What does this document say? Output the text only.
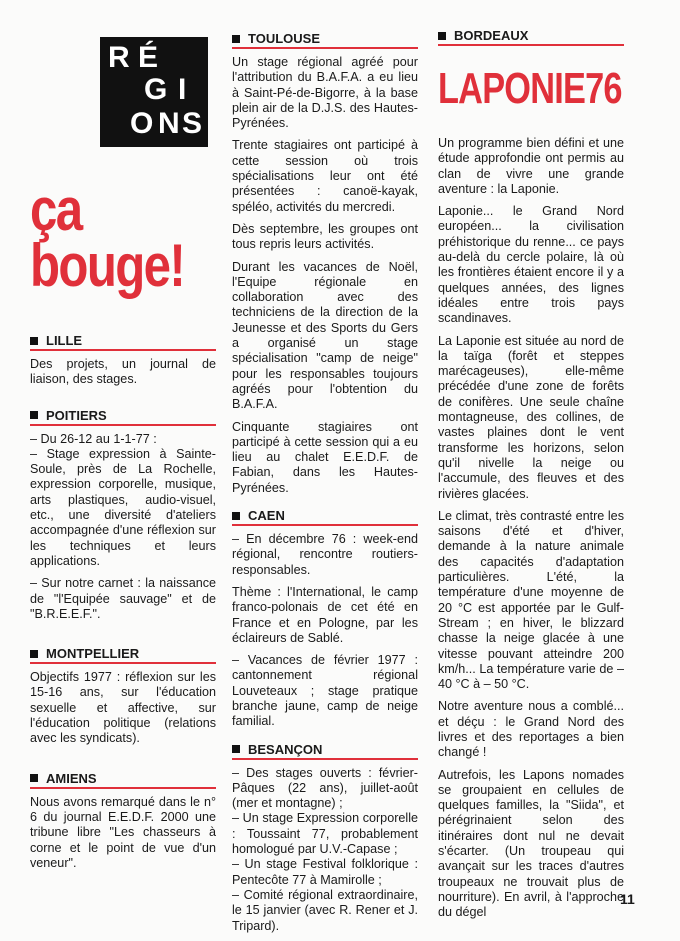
R É
G I
O N S
ça
bouge!
LILLE

Des projets, un journal de liaison, des stages.

POITIERS

– Du 26-12 au 1-1-77 :

– Stage expression à Sainte-Soule, près de La Rochelle, expression corporelle, musique, arts plastiques, audio-visuel, etc., une diversité d'ateliers accompagnée d'une réflexion sur les techniques et leurs applications.

– Sur notre carnet : la naissance de "l'Equipée sauvage" et de "B.R.E.E.F.".

MONTPELLIER

Objectifs 1977 : réflexion sur les 15-16 ans, sur l'éducation sexuelle et affective, sur l'éducation politique (relations avec les syndicats).

AMIENS

Nous avons remarqué dans le n° 6 du journal E.E.D.F. 2000 une tribune libre "Les chasseurs à corne et le point de vue d'un veneur".

TOULOUSE

Un stage régional agréé pour l'attribution du B.A.F.A. a eu lieu à Saint-Pé-de-Bigorre, à la base plein air de la D.J.S. des Hautes-Pyrénées.

Trente stagiaires ont participé à cette session où trois spécialisations leur ont été présentées : canoë-kayak, spéléo, activités du mercredi.

Dès septembre, les groupes ont tous repris leurs activités.

Durant les vacances de Noël, l'Equipe régionale en collaboration avec des techniciens de la direction de la Jeunesse et des Sports du Gers a organisé un stage spécialisation "camp de neige" pour les responsables toujours agréés pour l'obtention du B.A.F.A.

Cinquante stagiaires ont participé à cette session qui a eu lieu au chalet E.E.D.F. de Fabian, dans les Hautes-Pyrénées.

CAEN

– En décembre 76 : week-end régional, rencontre routiers-responsables.

Thème : l'International, le camp franco-polonais de cet été en France et en Pologne, par les éclaireurs de Sablé.

– Vacances de février 1977 : cantonnement régional Louveteaux ; stage pratique branche jaune, camp de neige familial.

BESANÇON

– Des stages ouverts : février-Pâques (22 ans), juillet-août (mer et montagne) ;

– Un stage Expression corporelle : Toussaint 77, probablement homologué par U.V.-Capase ;

– Un stage Festival folklorique : Pentecôte 77 à Mamirolle ;

– Comité régional extraordinaire, le 15 janvier (avec R. Rener et J. Tripard).

BORDEAUX
LAPONIE76

Un programme bien défini et une étude approfondie ont permis au clan de vivre une grande aventure : la Laponie.

Laponie... le Grand Nord européen... la civilisation préhistorique du renne... ce pays au-delà du cercle polaire, là où les frontières étaient encore il y a quelques années, des lignes idéales entre trois pays scandinaves.

La Laponie est située au nord de la taïga (forêt et steppes marécageuses), elle-même précédée d'une zone de forêts de conifères. Une seule chaîne montagneuse, des collines, de vastes plaines dont le vent transforme les horizons, selon qu'il nivelle la neige ou l'accumule, des fleuves et des rivières glacées.

Le climat, très contrasté entre les saisons d'été et d'hiver, demande à la nature animale des capacités d'adaptation particulières. L'été, la température d'une moyenne de 20 °C est apportée par le Gulf-Stream ; en hiver, le blizzard chasse la neige glacée à une vitesse pouvant atteindre 200 km/h... La température varie de – 40 °C à – 50 °C.

Notre aventure nous a comblé... et déçu : le Grand Nord des livres et des reportages a bien changé !

Autrefois, les Lapons nomades se groupaient en cellules de quelques familles, la "Siida", et pérégrinaient selon des itinéraires dont nul ne devait s'écarter. (Un troupeau qui avançait sur les traces d'autres troupeaux ne trouvait plus de nourriture). En avril, à l'approche du dégel

11
